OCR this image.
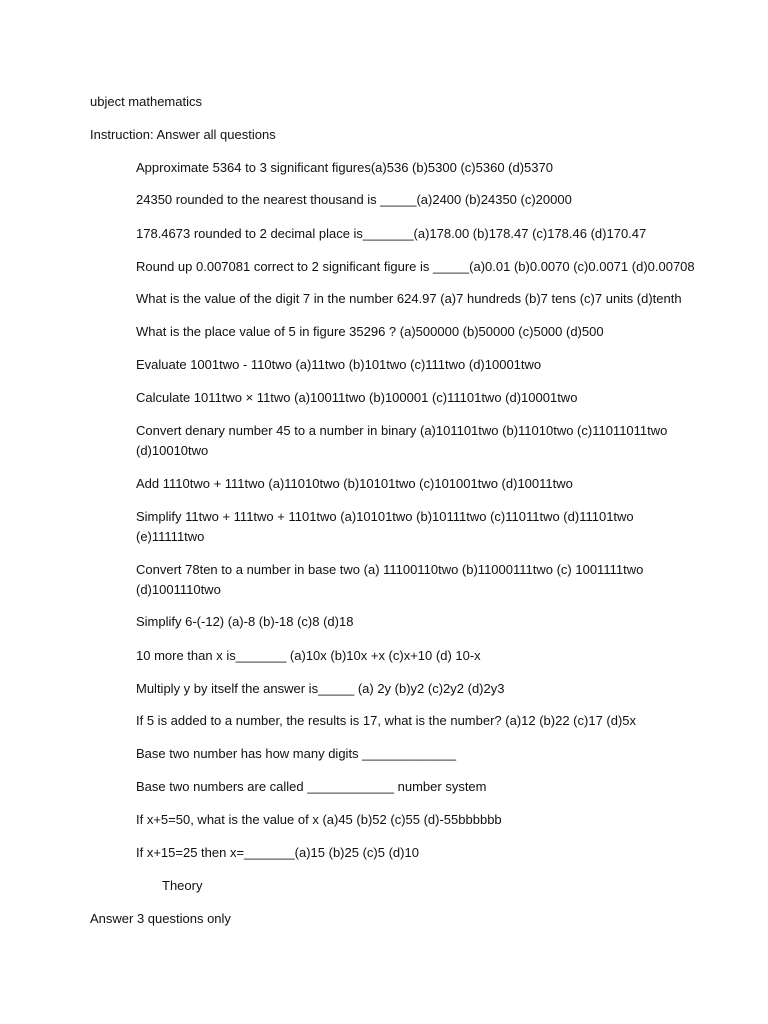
ubject mathematics
Instruction: Answer all questions
Approximate 5364 to 3 significant figures(a)536 (b)5300 (c)5360 (d)5370
24350 rounded to the nearest thousand is _____(a)2400 (b)24350 (c)20000
178.4673 rounded to 2 decimal place is_______(a)178.00 (b)178.47 (c)178.46 (d)170.47
Round up 0.007081 correct to 2 significant figure is _____(a)0.01 (b)0.0070 (c)0.0071 (d)0.00708
What is the value of the digit 7 in the number 624.97 (a)7 hundreds (b)7 tens (c)7 units (d)tenth
What is the place value of 5 in figure 35296 ? (a)500000 (b)50000 (c)5000 (d)500
Evaluate 1001two - 110two (a)11two (b)101two (c)111two (d)10001two
Calculate 1011two × 11two (a)10011two (b)100001 (c)11101two (d)10001two
Convert denary number 45 to a number in binary (a)101101two (b)11010two (c)11011011two (d)10010two
Add 1110two + 111two (a)11010two (b)10101two (c)101001two (d)10011two
Simplify 11two + 111two + 1101two (a)10101two (b)10111two (c)11011two (d)11101two (e)11111two
Convert 78ten to a number in base two (a) 11100110two (b)11000111two (c) 1001111two (d)1001110two
Simplify 6-(-12) (a)-8 (b)-18 (c)8 (d)18
10 more than x is_______ (a)10x (b)10x +x (c)x+10 (d) 10-x
Multiply y by itself the answer is_____ (a) 2y (b)y2 (c)2y2 (d)2y3
If 5 is added to a number, the results is 17, what is the number? (a)12 (b)22 (c)17 (d)5x
Base two number has how many digits _____________
Base two numbers are called ____________ number system
If x+5=50, what is the value of x (a)45 (b)52 (c)55 (d)-55bbbbbb
If x+15=25 then x=_______(a)15 (b)25 (c)5 (d)10
Theory
Answer 3 questions only
